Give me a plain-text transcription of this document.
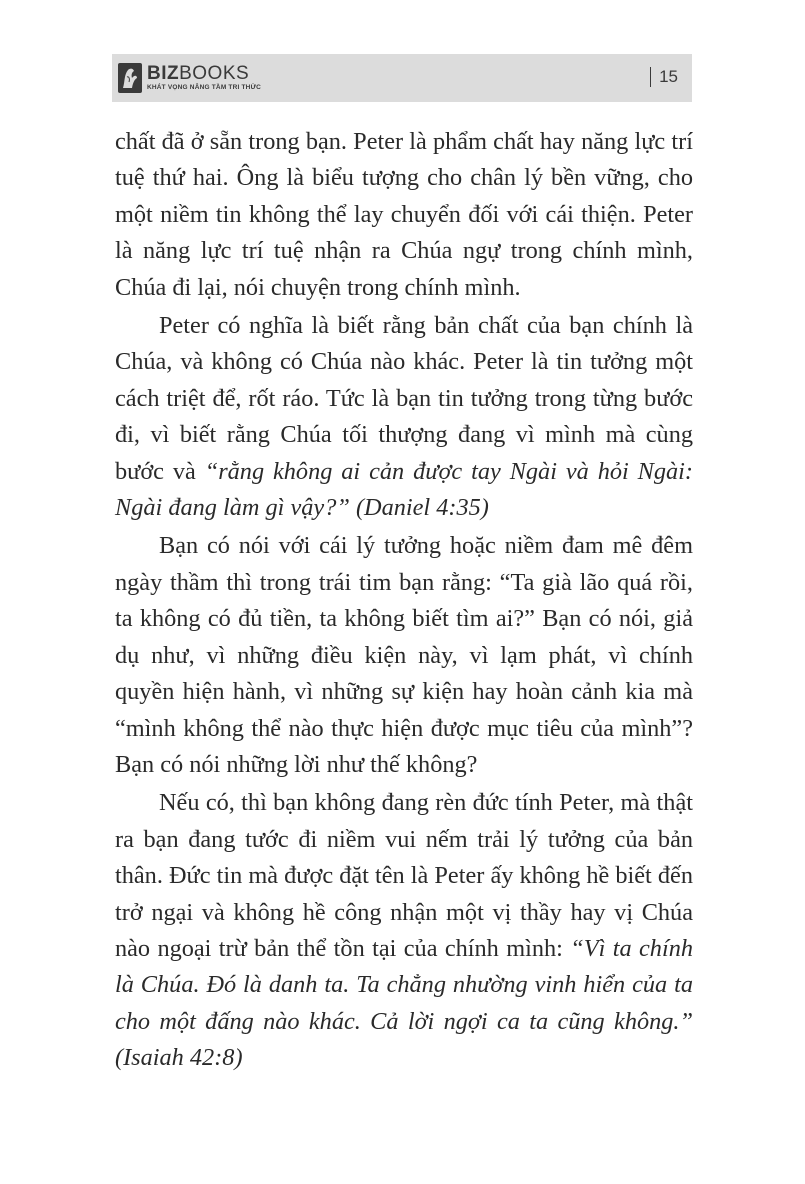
BIZBOOKS
KHÁT VỌNG NÂNG TẦM TRI THỨC
15

chất đã ở sẵn trong bạn. Peter là phẩm chất hay năng lực trí tuệ thứ hai. Ông là biểu tượng cho chân lý bền vững, cho một niềm tin không thể lay chuyển đối với cái thiện. Peter là năng lực trí tuệ nhận ra Chúa ngự trong chính mình, Chúa đi lại, nói chuyện trong chính mình.

Peter có nghĩa là biết rằng bản chất của bạn chính là Chúa, và không có Chúa nào khác. Peter là tin tưởng một cách triệt để, rốt ráo. Tức là bạn tin tưởng trong từng bước đi, vì biết rằng Chúa tối thượng đang vì mình mà cùng bước và “rằng không ai cản được tay Ngài và hỏi Ngài: Ngài đang làm gì vậy?” (Daniel 4:35)

Bạn có nói với cái lý tưởng hoặc niềm đam mê đêm ngày thầm thì trong trái tim bạn rằng: “Ta già lão quá rồi, ta không có đủ tiền, ta không biết tìm ai?” Bạn có nói, giả dụ như, vì những điều kiện này, vì lạm phát, vì chính quyền hiện hành, vì những sự kiện hay hoàn cảnh kia mà “mình không thể nào thực hiện được mục tiêu của mình”? Bạn có nói những lời như thế không?

Nếu có, thì bạn không đang rèn đức tính Peter, mà thật ra bạn đang tước đi niềm vui nếm trải lý tưởng của bản thân. Đức tin mà được đặt tên là Peter ấy không hề biết đến trở ngại và không hề công nhận một vị thầy hay vị Chúa nào ngoại trừ bản thể tồn tại của chính mình: “Vì ta chính là Chúa. Đó là danh ta. Ta chẳng nhường vinh hiển của ta cho một đấng nào khác. Cả lời ngợi ca ta cũng không.” (Isaiah 42:8)
